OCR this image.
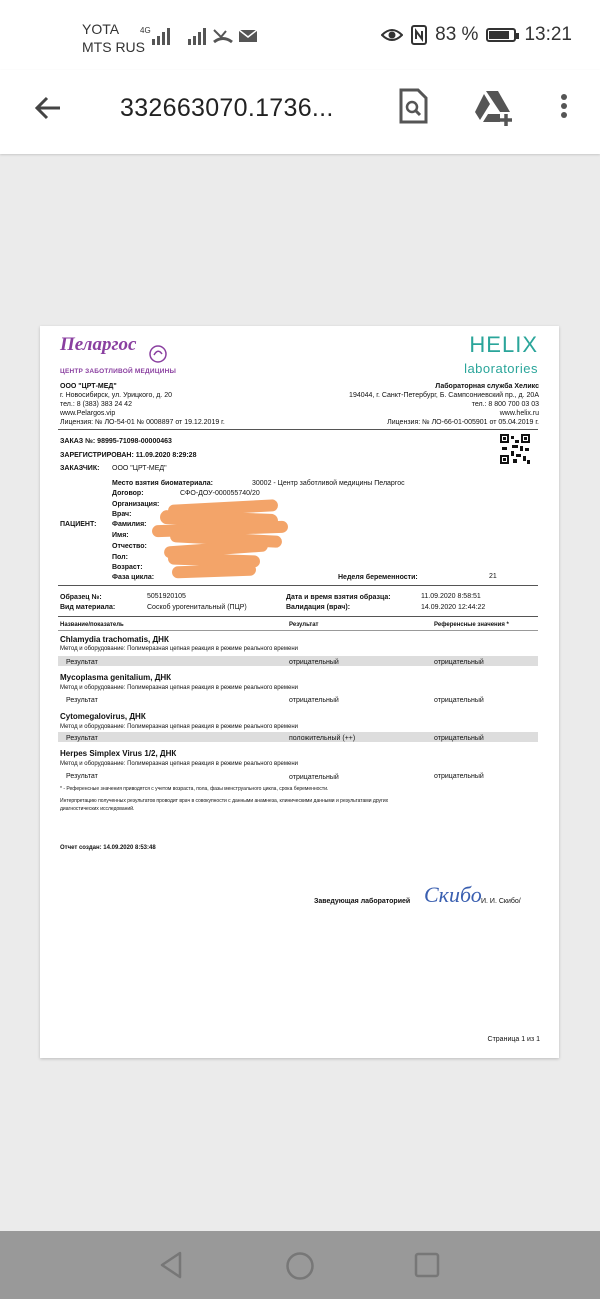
YOTA
MTS RUS
4G	83 % 13:21
332663070.1736...
Пеларгос
ЦЕНТР ЗАБОТЛИВОЙ МЕДИЦИНЫ
HELIX
laboratories
ООО "ЦРТ-МЕД"
г. Новосибирск, ул. Урицкого, д. 20
тел.: 8 (383) 383 24 42
www.Pelargos.vip
Лицензия: № ЛО-54-01 № 0008897 от 19.12.2019 г.
Лабораторная служба Хеликс
194044, г. Санкт-Петербург, Б. Сампсониевский пр., д. 20А
тел.: 8 800 700 03 03
www.helix.ru
Лицензия: № ЛО-66-01-005901 от 05.04.2019 г.
ЗАКАЗ №: 98995-71098-00000463
ЗАРЕГИСТРИРОВАН: 11.09.2020 8:29:28
ЗАКАЗЧИК: ООО "ЦРТ-МЕД"
Место взятия биоматериала:	30002 - Центр заботливой медицины Пеларгос
Договор:	СФО-ДОУ-000055740/20
ПАЦИЕНТ:
Организация:
Врач:
Фамилия:
Имя:
Отчество:
Пол:
Возраст:
Фаза цикла:	Неделя беременности:	21
Образец №:	5051920105
Вид материала:	Соскоб урогенитальный (ПЦР)
Дата и время взятия образца:	11.09.2020 8:58:51
Валидация (врач):	14.09.2020 12:44:22
Название/показатель	Результат	Референсные значения *
Chlamydia trachomatis, ДНК
Метод и оборудование: Полимеразная цепная реакция в режиме реального времени
Результат	отрицательный	отрицательный
Mycoplasma genitalium, ДНК
Метод и оборудование: Полимеразная цепная реакция в режиме реального времени
Результат	отрицательный	отрицательный
Cytomegalovirus, ДНК
Метод и оборудование: Полимеразная цепная реакция в режиме реального времени
Результат	положительный (++)	отрицательный
Herpes Simplex Virus 1/2, ДНК
Метод и оборудование: Полимеразная цепная реакция в режиме реального времени
Результат	отрицательный	отрицательный
* - Референсные значения приводятся с учетом возраста, пола, фазы менструального цикла, срока беременности.
Интерпретацию полученных результатов проводит врач в совокупности с данными анамнеза, клиническими данными и результатами других
диагностических исследований.
Отчет создан: 14.09.2020 8:53:48
Заведующая лабораторией Скибо И. И. Скибо/
Страница 1 из 1
